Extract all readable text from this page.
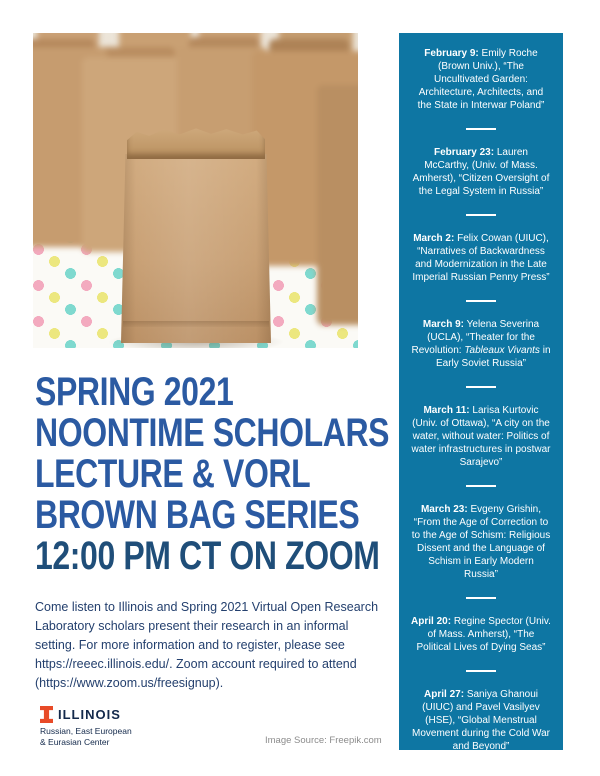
February 9: Emily Roche (Brown Univ.), “The Uncultivated Garden: Architecture, Architects, and the State in Interwar Poland”

February 23: Lauren McCarthy, (Univ. of Mass. Amherst), “Citizen Oversight of the Legal System in Russia”

March 2: Felix Cowan (UIUC), “Narratives of Backwardness and Modernization in the Late Imperial Russian Penny Press”

March 9: Yelena Severina (UCLA), “Theater for the Revolution: Tableaux Vivants in Early Soviet Russia”

March 11: Larisa Kurtovic (Univ. of Ottawa), “A city on the water, without water: Politics of water infrastructures in postwar Sarajevo”

March 23: Evgeny Grishin, “From the Age of Correction to to the Age of Schism: Religious Dissent and the Language of Schism in Early Modern Russia”

April 20: Regine Spector (Univ. of Mass. Amherst), “The Political Lives of Dying Seas”

April 27: Saniya Ghanoui (UIUC) and Pavel Vasilyev (HSE), “Global Menstrual Movement during the Cold War and Beyond”

SPRING 2021
NOONTIME SCHOLARS
LECTURE & VORL
BROWN BAG SERIES
12:00 PM CT ON ZOOM

Come listen to Illinois and Spring 2021 Virtual Open Research Laboratory scholars present their research in an informal setting. For more information and to register, please see https://reeec.illinois.edu/. Zoom account required to attend (https://www.zoom.us/freesignup).

ILLINOIS
Russian, East European
& Eurasian Center	Image Source: Freepik.com
